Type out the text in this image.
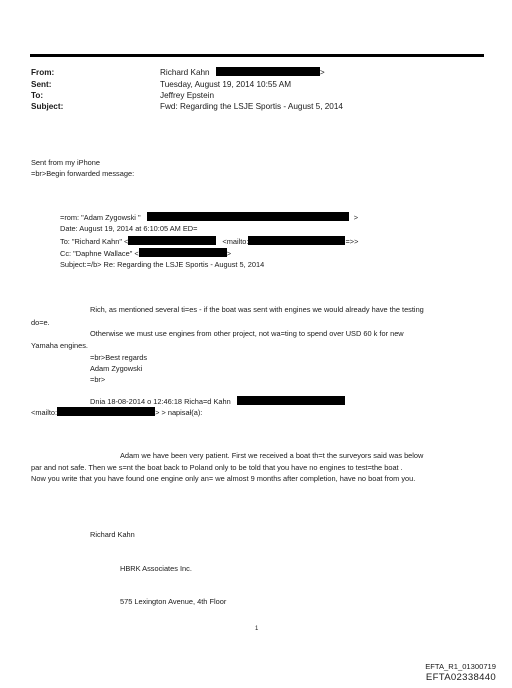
From:	Richard Kahn	>
Sent:	Tuesday, August 19, 2014 10:55 AM
To:	Jeffrey Epstein
Subject:	Fwd: Regarding the LSJE Sportis - August 5, 2014
Sent from my iPhone
=br>Begin forwarded message:
=rom: "Adam Zygowski "	>
Date: August 19, 2014 at 6:10:05 AM ED=
To: "Richard Kahn" <	<mailto:	=>>
Cc: "Daphne Wallace" <	>
Subject:=/b> Re: Regarding the LSJE Sportis - August 5, 2014
Rich, as mentioned several ti=es - if the boat was sent with engines we would already have the testing
do=e.
Otherwise we must use engines from other project, not wa=ting to spend over USD 60 k for new
Yamaha engines.
=br>Best regards
Adam Zygowski
=br>
Dnia 18-08-2014 o 12:46:18 Richa=d Kahn
<mailto:	> > napisał(a):
Adam we have been very patient. First we received a boat th=t the surveyors said was below
par and not safe. Then we s=nt the boat back to Poland only to be told that you have no engines to test=the boat .
Now you write that you have found one engine only an= we almost 9 months after completion, have no boat from you.
Richard Kahn
HBRK Associates Inc.
575 Lexington Avenue, 4th Floor
1
EFTA_R1_01300719
EFTA02338440
